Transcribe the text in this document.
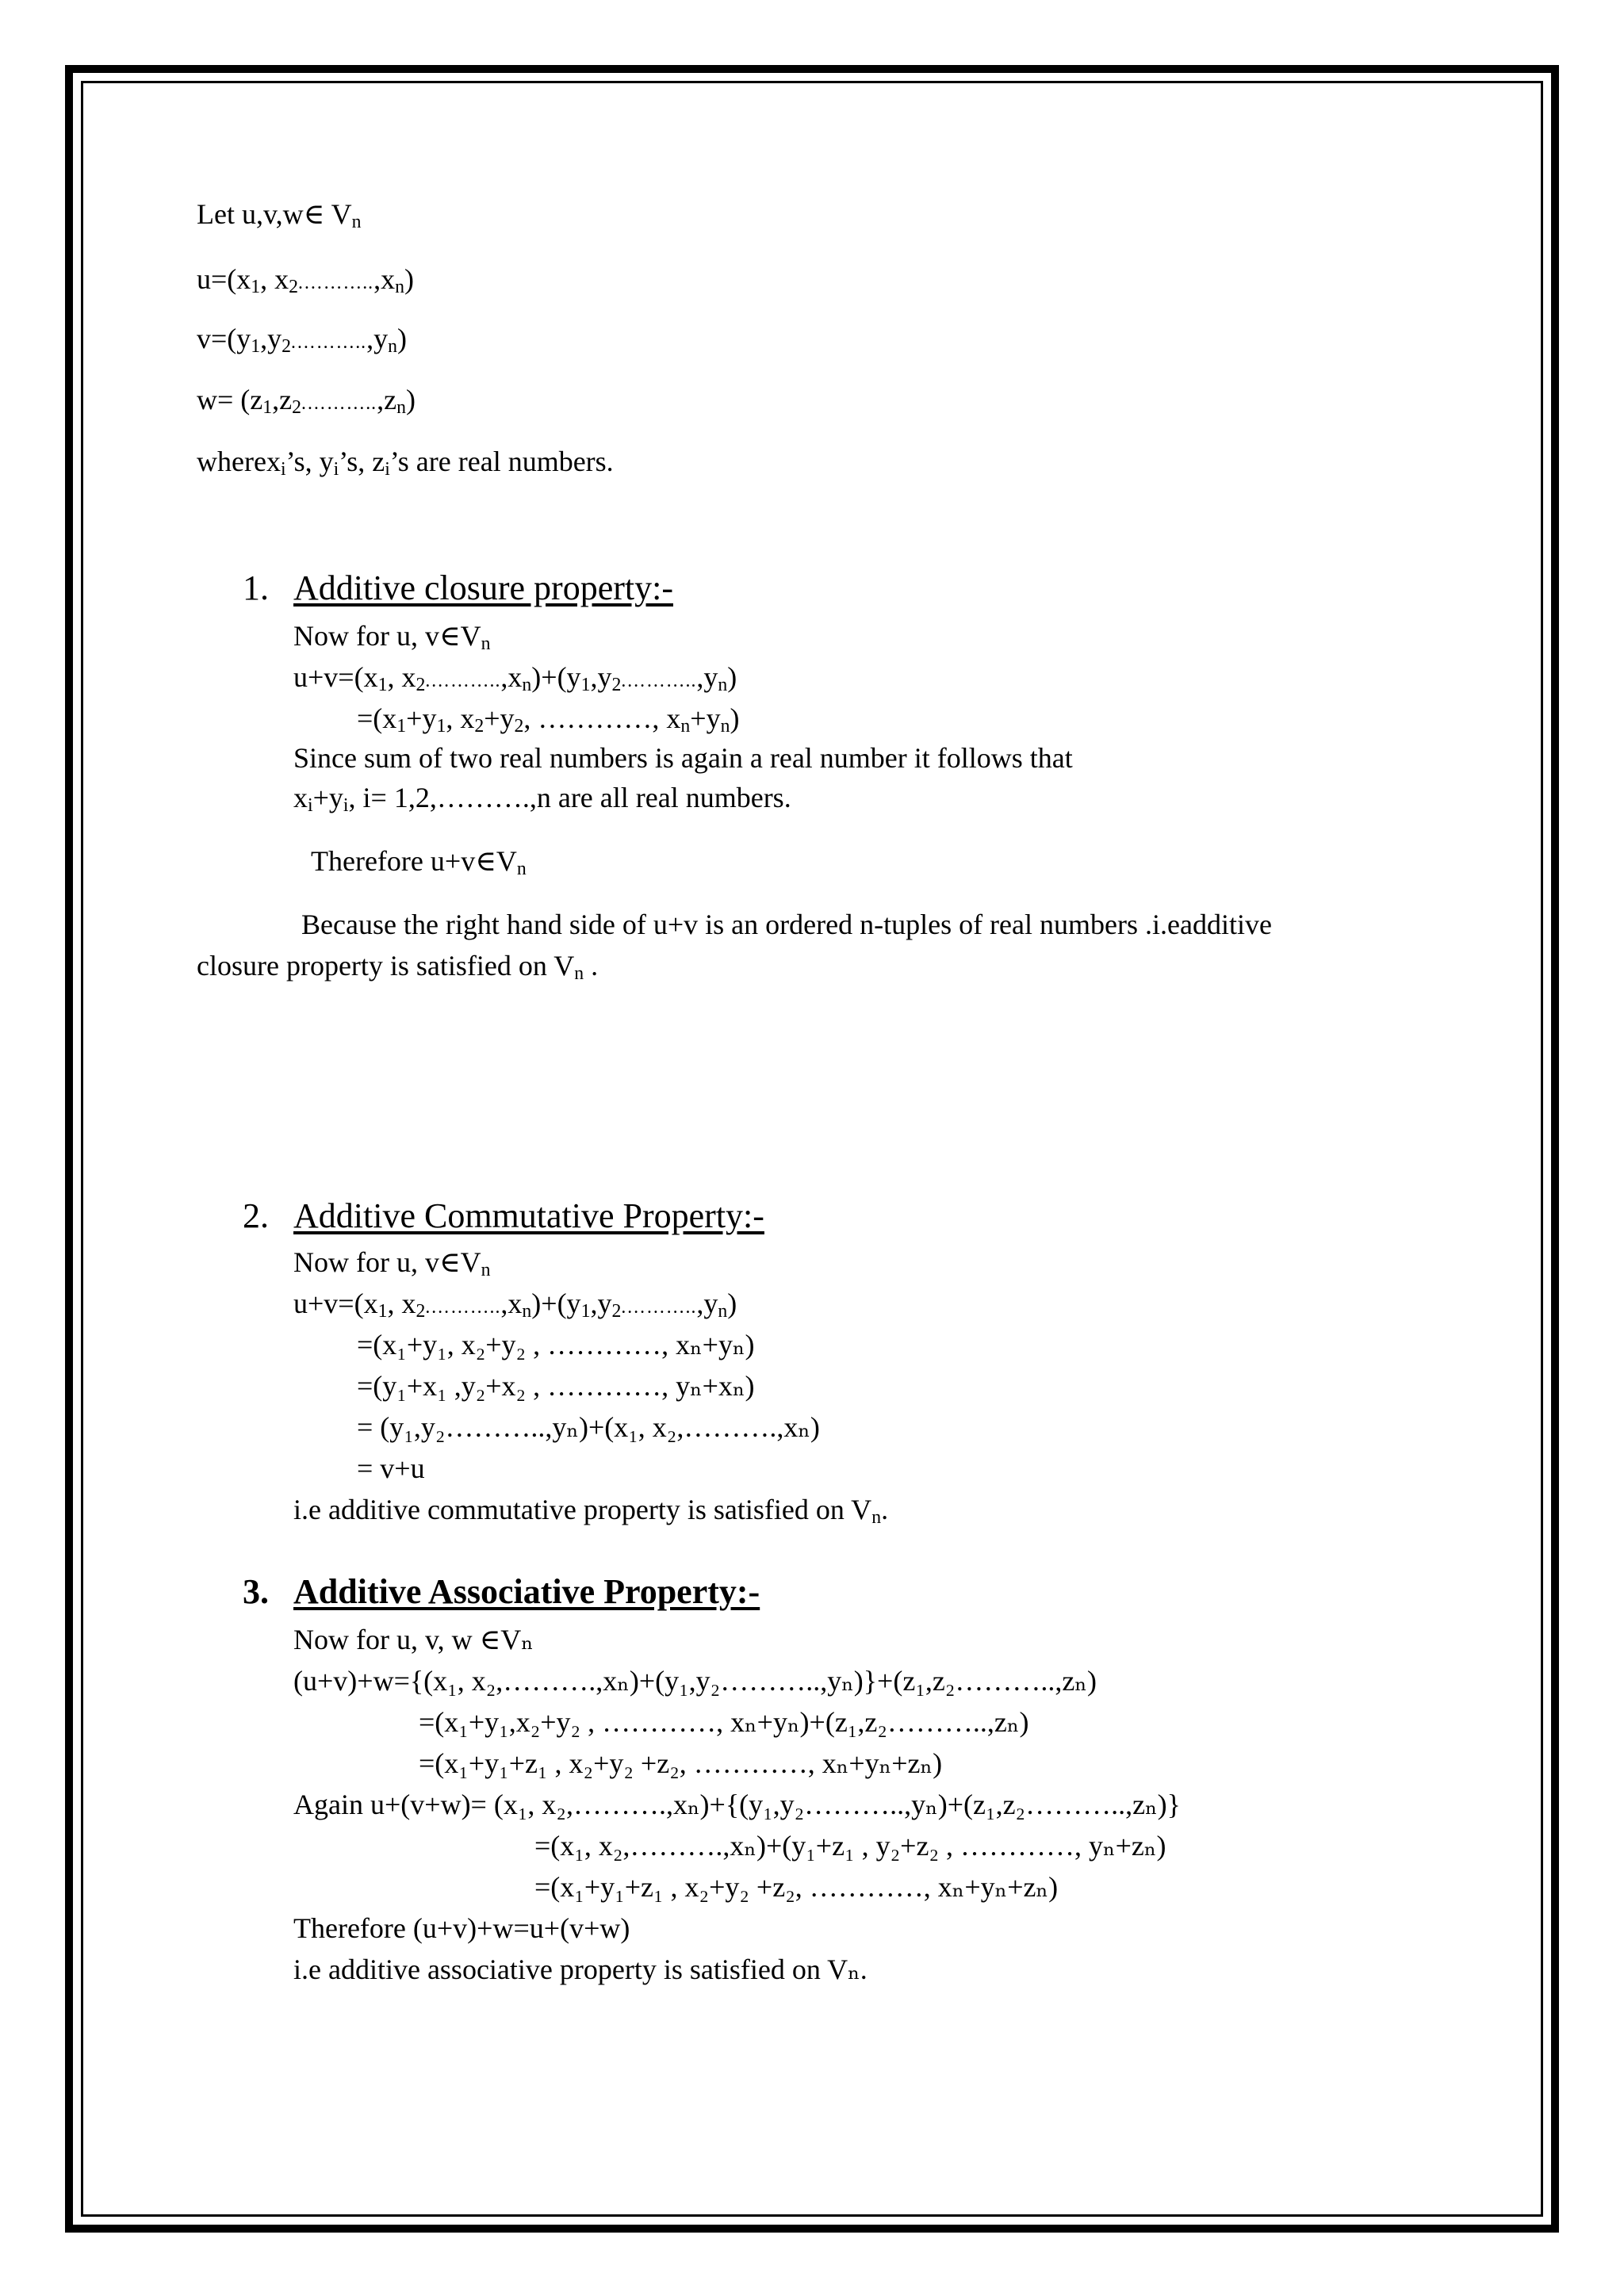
Let u,v,w∈ $V_n$
$u=(x_1$, $x_2.\dots\dots\dots..,x_n$)
$v=(y_1,y_2.\dots\dots\dots..,y_n)$
$w= (z_1,z_2.\dots\dots\dots..,z_n)$
wherex$_i$’s, $y_i’s$, $z_i’s$ are real numbers.
1. Additive closure property:-
Now for u, $v\in V_n$
$u+v=(x_1$, $x_2.\dots\dots\dots..,x_n)+(y_1,y_2.\dots\dots\dots..,y_n)$
$=(x_1+y_1$, $x_2+y_2$, …………, $x_n+y_n$)
Since sum of two real numbers is again a real number it follows that
$x_i+y_i$, i= 1,2,……….,n are all real numbers.
Therefore $u+v\in V_n$
Because the right hand side of u+v is an ordered n-tuples of real numbers .i.eadditive
closure property is satisfied on $V_n$ .
2. Additive Commutative Property:-
Now for u, $v\in V_n$
$u+v=(x_1$, $x_2.\dots\dots\dots..,x_n)+(y_1,y_2.\dots\dots\dots..,y_n)$
=(x₁+y₁, x₂+y₂ , …………, xₙ+yₙ)
=(y₁+x₁ ,y₂+x₂ , …………, yₙ+xₙ)
= (y₁,y₂………..,yₙ)+(x₁, x₂,……….,xₙ)
= v+u
i.e additive commutative property is satisfied on $V_n$.
3. Additive Associative Property:-
Now for u, v, w ∈Vₙ
(u+v)+w={(x₁, x₂,……….,xₙ)+(y₁,y₂………..,yₙ)}+(z₁,z₂………..,zₙ)
=(x₁+y₁,x₂+y₂ , …………, xₙ+yₙ)+(z₁,z₂………..,zₙ)
=(x₁+y₁+z₁ , x₂+y₂ +z₂, …………, xₙ+yₙ+zₙ)
Again u+(v+w)= (x₁, x₂,……….,xₙ)+{(y₁,y₂………..,yₙ)+(z₁,z₂………..,zₙ)}
=(x₁, x₂,……….,xₙ)+(y₁+z₁ , y₂+z₂ , …………, yₙ+zₙ)
=(x₁+y₁+z₁ , x₂+y₂ +z₂, …………, xₙ+yₙ+zₙ)
Therefore (u+v)+w=u+(v+w)
i.e additive associative property is satisfied on Vₙ.
